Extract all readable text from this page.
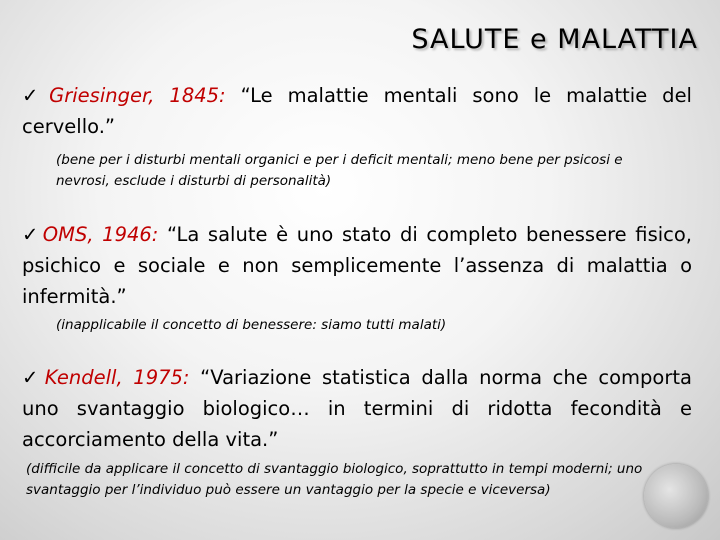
SALUTE e MALATTIA
✓ Griesinger, 1845: “Le malattie mentali sono le malattie del cervello.”
(bene per i disturbi mentali organici e per i deficit mentali; meno bene per psicosi e nevrosi, esclude i disturbi di personalità)
✓ OMS, 1946: “La salute è uno stato di completo benessere fisico, psichico e sociale e non semplicemente l’assenza di malattia o infermità.”
(inapplicabile il concetto di benessere: siamo tutti malati)
✓ Kendell, 1975: “Variazione statistica dalla norma che comporta uno svantaggio biologico… in termini di ridotta fecondità e accorciamento della vita.”
(difficile da applicare il concetto di svantaggio biologico, soprattutto in tempi moderni; uno svantaggio per l’individuo può essere un vantaggio per la specie e viceversa)
